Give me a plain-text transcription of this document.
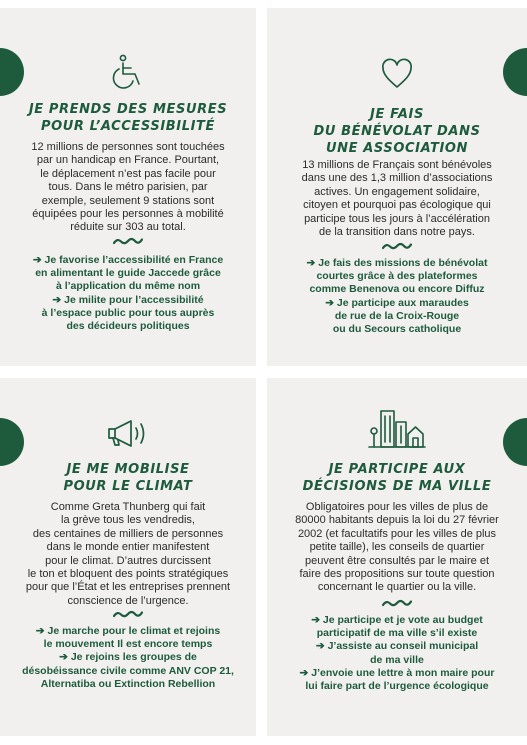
JE PRENDS DES MESURES
POUR L’ACCESSIBILITÉ
12 millions de personnes sont touchées
par un handicap en France. Pourtant,
le déplacement n’est pas facile pour
tous. Dans le métro parisien, par
exemple, seulement 9 stations sont
équipées pour les personnes à mobilité
réduite sur 303 au total.
➔ Je favorise l’accessibilité en France
en alimentant le guide Jaccede grâce
à l’application du même nom
➔ Je milite pour l’accessibilité
à l’espace public pour tous auprès
des décideurs politiques
JE FAIS
DU BÉNÉVOLAT DANS
UNE ASSOCIATION
13 millions de Français sont bénévoles
dans une des 1,3 million d’associations
actives. Un engagement solidaire,
citoyen et pourquoi pas écologique qui
participe tous les jours à l’accélération
de la transition dans notre pays.
➔ Je fais des missions de bénévolat
courtes grâce à des plateformes
comme Benenova ou encore Diffuz
➔ Je participe aux maraudes
de rue de la Croix-Rouge
ou du Secours catholique
JE ME MOBILISE
POUR LE CLIMAT
Comme Greta Thunberg qui fait
la grève tous les vendredis,
des centaines de milliers de personnes
dans le monde entier manifestent
pour le climat. D’autres durcissent
le ton et bloquent des points stratégiques
pour que l’État et les entreprises prennent
conscience de l’urgence.
➔ Je marche pour le climat et rejoins
le mouvement Il est encore temps
➔ Je rejoins les groupes de
désobéissance civile comme ANV COP 21,
Alternatiba ou Extinction Rebellion
JE PARTICIPE AUX
DÉCISIONS DE MA VILLE
Obligatoires pour les villes de plus de
80000 habitants depuis la loi du 27 février
2002 (et facultatifs pour les villes de plus
petite taille), les conseils de quartier
peuvent être consultés par le maire et
faire des propositions sur toute question
concernant le quartier ou la ville.
➔ Je participe et je vote au budget
participatif de ma ville s’il existe
➔ J’assiste au conseil municipal
de ma ville
➔ J’envoie une lettre à mon maire pour
lui faire part de l’urgence écologique
